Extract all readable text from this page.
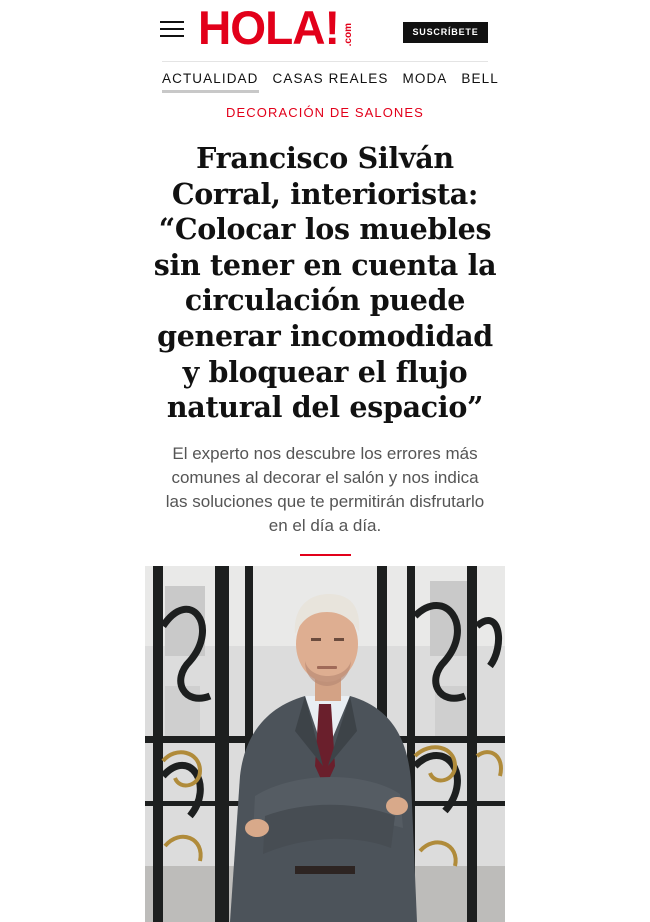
HOLA! .com	SUSCRÍBETE
ACTUALIDAD CASAS REALES MODA BELL
DECORACIÓN DE SALONES
Francisco Silván Corral, interiorista: “Colocar los muebles sin tener en cuenta la circulación puede generar incomodidad y bloquear el flujo natural del espacio”

El experto nos descubre los errores más comunes al decorar el salón y nos indica las soluciones que te permitirán disfrutarlo en el día a día.
